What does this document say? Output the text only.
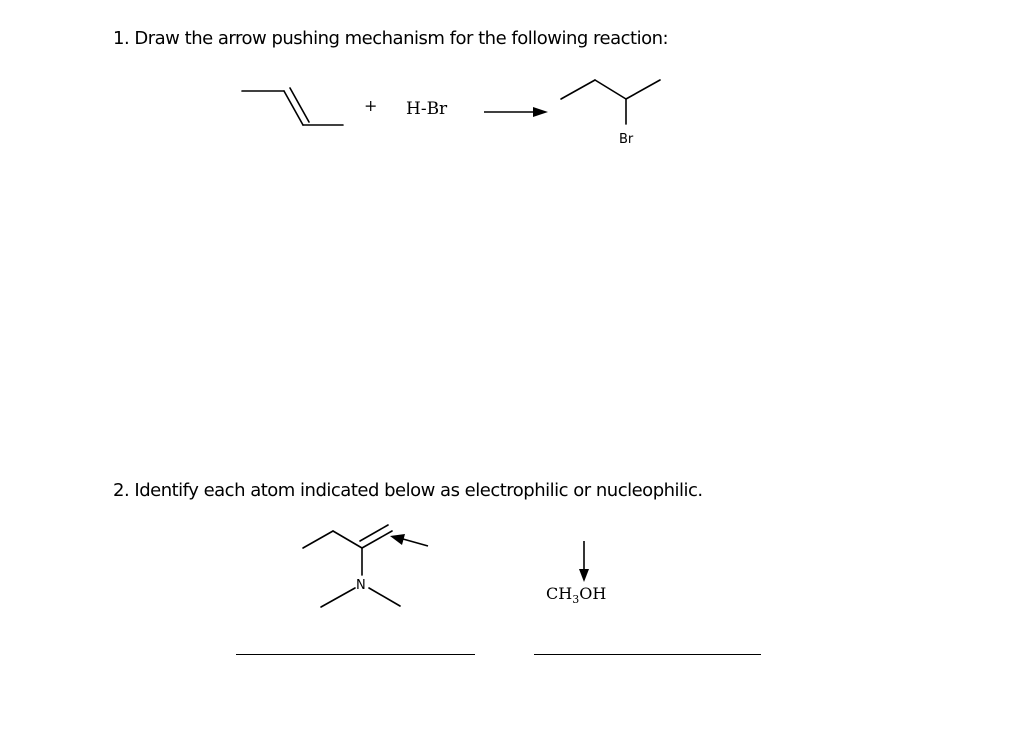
1. Draw the arrow pushing mechanism for the following reaction:

+ H-Br
Br
N	$CH_3OH$

2. Identify each atom indicated below as electrophilic or nucleophilic.
